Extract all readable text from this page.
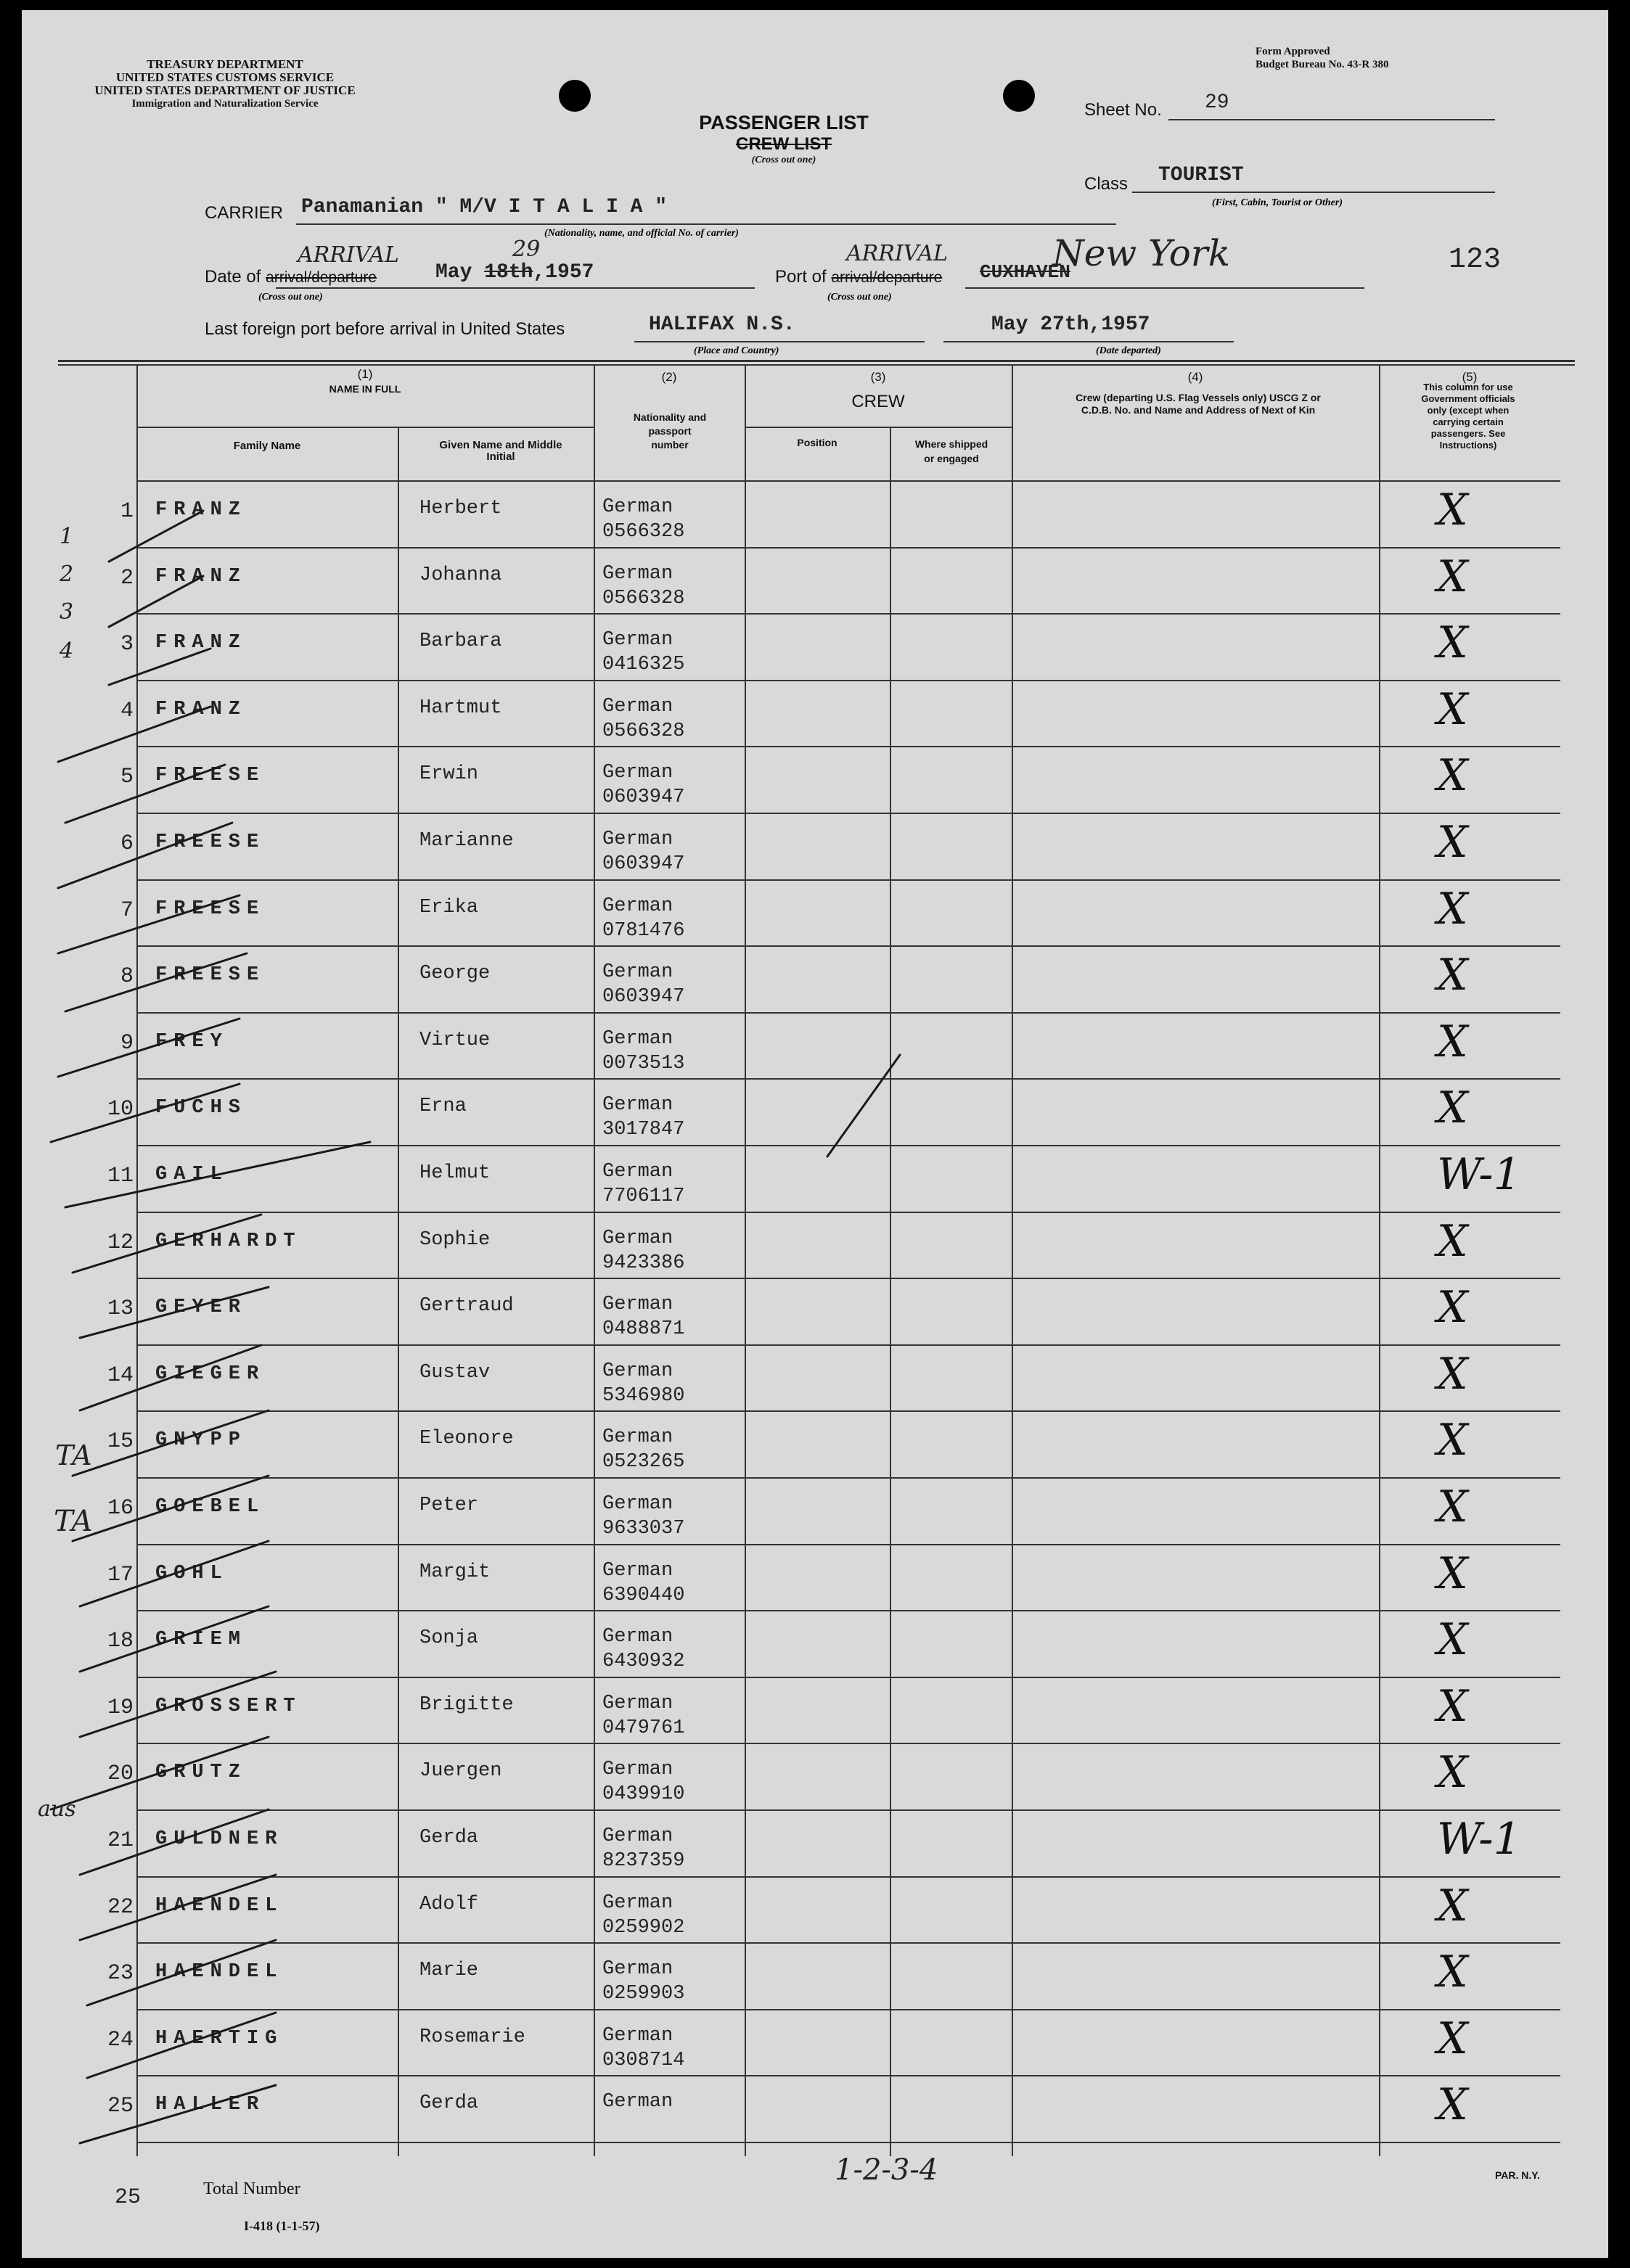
TREASURY DEPARTMENT
UNITED STATES CUSTOMS SERVICE
UNITED STATES DEPARTMENT OF JUSTICE
Immigration and Naturalization Service
Form Approved
Budget Bureau No. 43-R 380
PASSENGER LIST
CREW LIST
(Cross out one)
Sheet No. 29
Class TOURIST
(First, Cabin, Tourist or Other)
CARRIER Panamanian " M/V I T A L I A "
(Nationality, name, and official No. of carrier)
Date of arrival/departure
ARRIVAL
May 18th,1957
29
(Cross out one)
Port of arrival/departure
ARRIVAL
CUXHAVEN
New York
(Cross out one)
123
Last foreign port before arrival in United States	HALIFAX N.S.
(Place and Country)
May 27th,1957
(Date departed)
(1)
NAME IN FULL
Family Name	Given Name and Middle Initial
(2)
Nationality and passport number
(3)
CREW
Position	Where shipped or engaged
(4)
Crew (departing U.S. Flag Vessels only) USCG Z or C.D.B. No. and Name and Address of Next of Kin
(5)
This column for use Government officials only (except when carrying certain passengers. See Instructions)
1 FRANZ	Herbert	German
0566328	X
2 FRANZ	Johanna	German
0566328	X
3 FRANZ	Barbara	German
0416325	X
4 FRANZ	Hartmut	German
0566328	X
5 FREESE	Erwin	German
0603947	X
6 FREESE	Marianne	German
0603947	X
7 FREESE	Erika	German
0781476	X
8 FREESE	George	German
0603947	X
9 FREY	Virtue	German
0073513	X
10 FUCHS	Erna	German
3017847	X
11 GAIL	Helmut	German
7706117	W-1
12 GERHARDT	Sophie	German
9423386	X
13 GEYER	Gertraud	German
0488871	X
14 GIEGER	Gustav	German
5346980	X
15 GNYPP	Eleonore	German
0523265	X
16 GOEBEL	Peter	German
9633037	X
17 GOHL	Margit	German
6390440	X
18 GRIEM	Sonja	German
6430932	X
19 GROSSERT	Brigitte	German
0479761	X
20 GRUTZ	Juergen	German
0439910	X
21 GULDNER	Gerda	German
8237359	W-1
22 HAENDEL	Adolf	German
0259902	X
23 HAENDEL	Marie	German
0259903	X
24 HAERTIG	Rosemarie	German
0308714	X
25 HALLER	Gerda	German	X
1
2
3
4
TA
TA
aus
25	Total Number
I-418 (1-1-57)
1-2-3-4	PAR. N.Y.
